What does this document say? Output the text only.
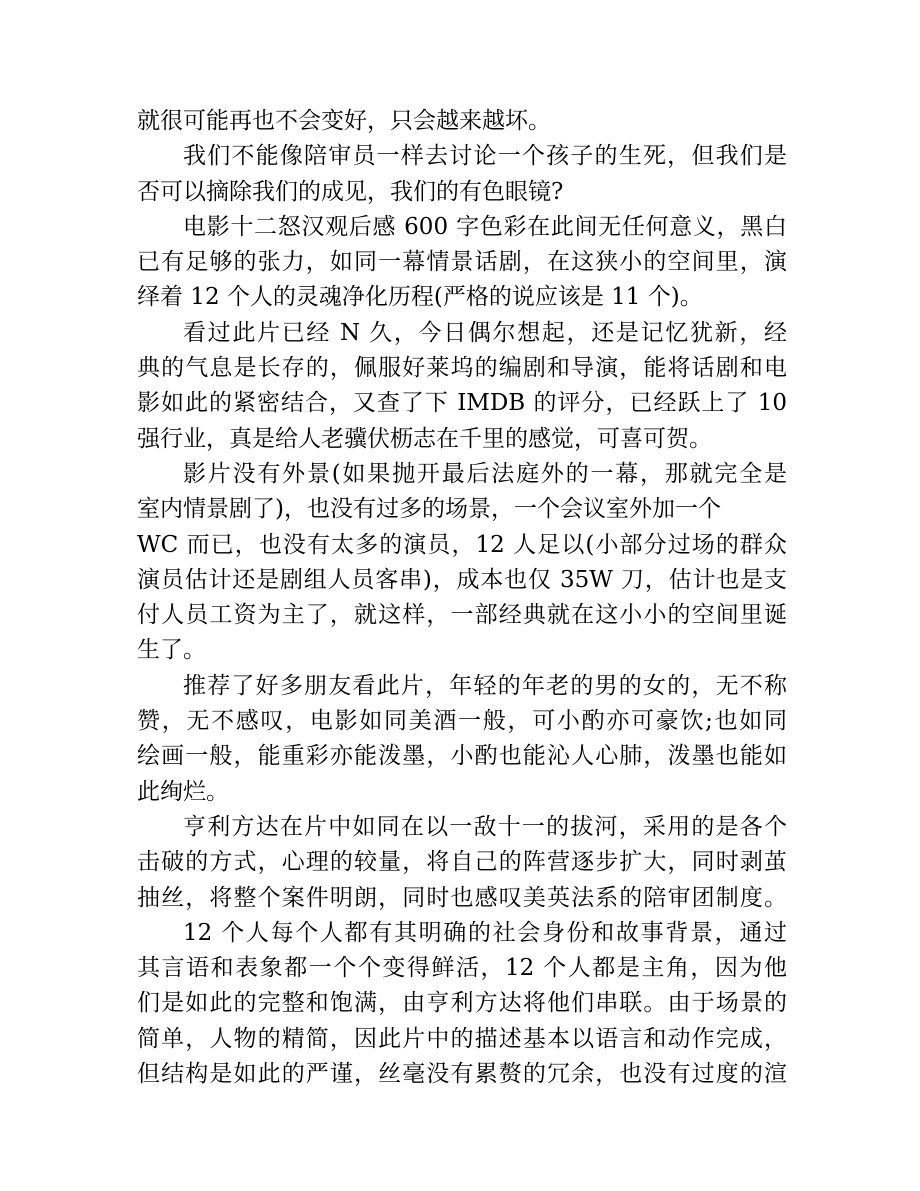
就很可能再也不会变好，只会越来越坏。
我们不能像陪审员一样去讨论一个孩子的生死，但我们是
否可以摘除我们的成见，我们的有色眼镜?
电影十二怒汉观后感 600 字色彩在此间无任何意义，黑白
已有足够的张力，如同一幕情景话剧，在这狭小的空间里，演
绎着 12 个人的灵魂净化历程(严格的说应该是 11 个)。
看过此片已经 N 久，今日偶尔想起，还是记忆犹新，经
典的气息是长存的，佩服好莱坞的编剧和导演，能将话剧和电
影如此的紧密结合，又查了下 IMDB 的评分，已经跃上了 10
强行业，真是给人老骥伏枥志在千里的感觉，可喜可贺。
影片没有外景(如果抛开最后法庭外的一幕，那就完全是
室内情景剧了)，也没有过多的场景，一个会议室外加一个
WC 而已，也没有太多的演员，12 人足以(小部分过场的群众
演员估计还是剧组人员客串)，成本也仅 35W 刀，估计也是支
付人员工资为主了，就这样，一部经典就在这小小的空间里诞
生了。
推荐了好多朋友看此片，年轻的年老的男的女的，无不称
赞，无不感叹，电影如同美酒一般，可小酌亦可豪饮;也如同
绘画一般，能重彩亦能泼墨，小酌也能沁人心肺，泼墨也能如
此绚烂。
亨利方达在片中如同在以一敌十一的拔河，采用的是各个
击破的方式，心理的较量，将自己的阵营逐步扩大，同时剥茧
抽丝，将整个案件明朗，同时也感叹美英法系的陪审团制度。
12 个人每个人都有其明确的社会身份和故事背景，通过
其言语和表象都一个个变得鲜活，12 个人都是主角，因为他
们是如此的完整和饱满，由亨利方达将他们串联。由于场景的
简单，人物的精简，因此片中的描述基本以语言和动作完成，
但结构是如此的严谨，丝毫没有累赘的冗余，也没有过度的渲
